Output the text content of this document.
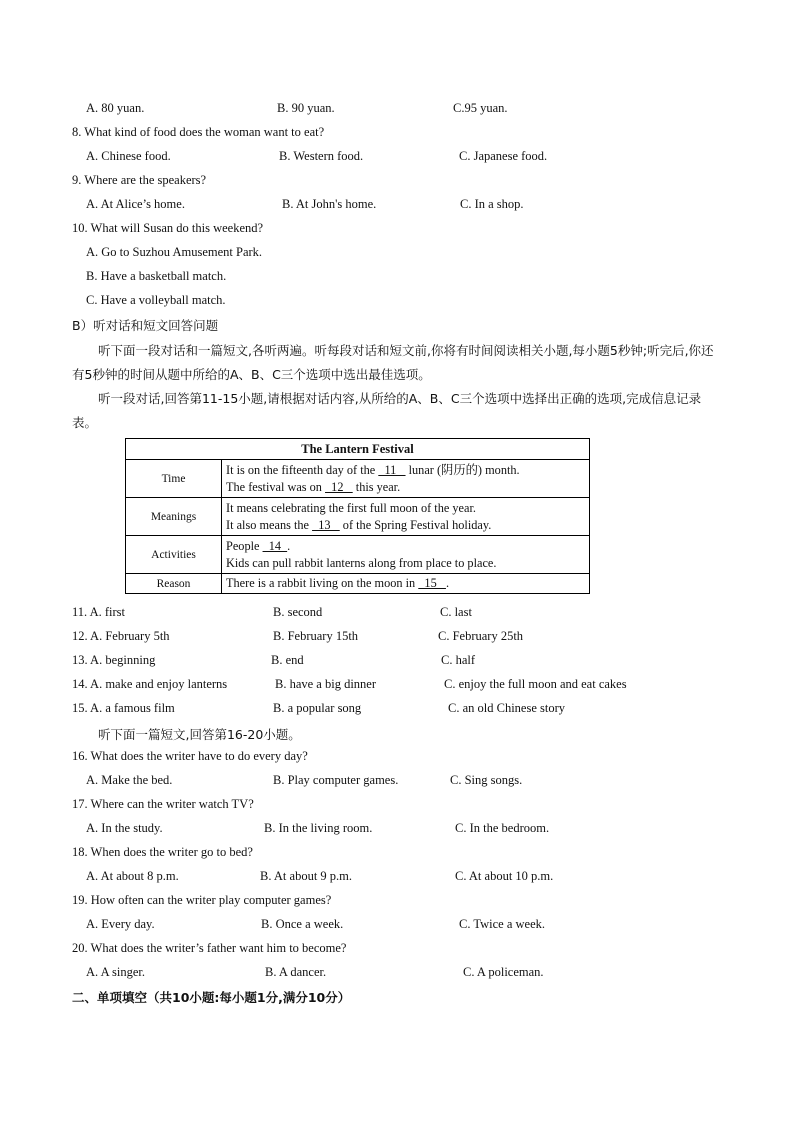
A. 80 yuan.	B. 90 yuan.	C.95 yuan.
8. What kind of food does the woman want to eat?
A. Chinese food.	B. Western food.	C. Japanese food.
9. Where are the speakers?
A. At Alice’s home.	B. At John's home.	C. In a shop.
10. What will Susan do this weekend?
A. Go to Suzhou Amusement Park.
B. Have a basketball match.
C. Have a volleyball match.
B）听对话和短文回答问题
听下面一段对话和一篇短文,各听两遍。听每段对话和短文前,你将有时间阅读相关小题,每小题5秒钟;听完后,你还有5秒钟的时间从题中所给的A、B、C三个选项中选出最佳选项。
听一段对话,回答第11-15小题,请根据对话内容,从所给的A、B、C三个选项中选择出正确的选项,完成信息记录表。
The Lantern Festival	
Time	It is on the fifteenth day of the   11    lunar (阴历的) month.
The festival was on   12    this year.
Meanings	It means celebrating the first full moon of the year.
It also means the   13    of the Spring Festival holiday.
Activities	People   14  .
Kids can pull rabbit lanterns along from place to place.
Reason	There is a rabbit living on the moon in   15   .
11. A. first	B. second	C. last
12. A. February 5th	B. February 15th	C. February 25th
13. A. beginning	B. end	C. half
14. A. make and enjoy lanterns	B. have a big dinner	C. enjoy the full moon and eat cakes
15. A. a famous film	B. a popular song	C. an old Chinese story
听下面一篇短文,回答第16-20小题。
16. What does the writer have to do every day?
A. Make the bed.	B. Play computer games.	C. Sing songs.
17. Where can the writer watch TV?
A. In the study.	B. In the living room.	C. In the bedroom.
18. When does the writer go to bed?
A. At about 8 p.m.	B. At about 9 p.m.	C. At about 10 p.m.
19. How often can the writer play computer games?
A. Every day.	B. Once a week.	C. Twice a week.
20. What does the writer’s father want him to become?
A. A singer.	B. A dancer.	C. A policeman.
二、单项填空（共10小题:每小题1分,满分10分）
